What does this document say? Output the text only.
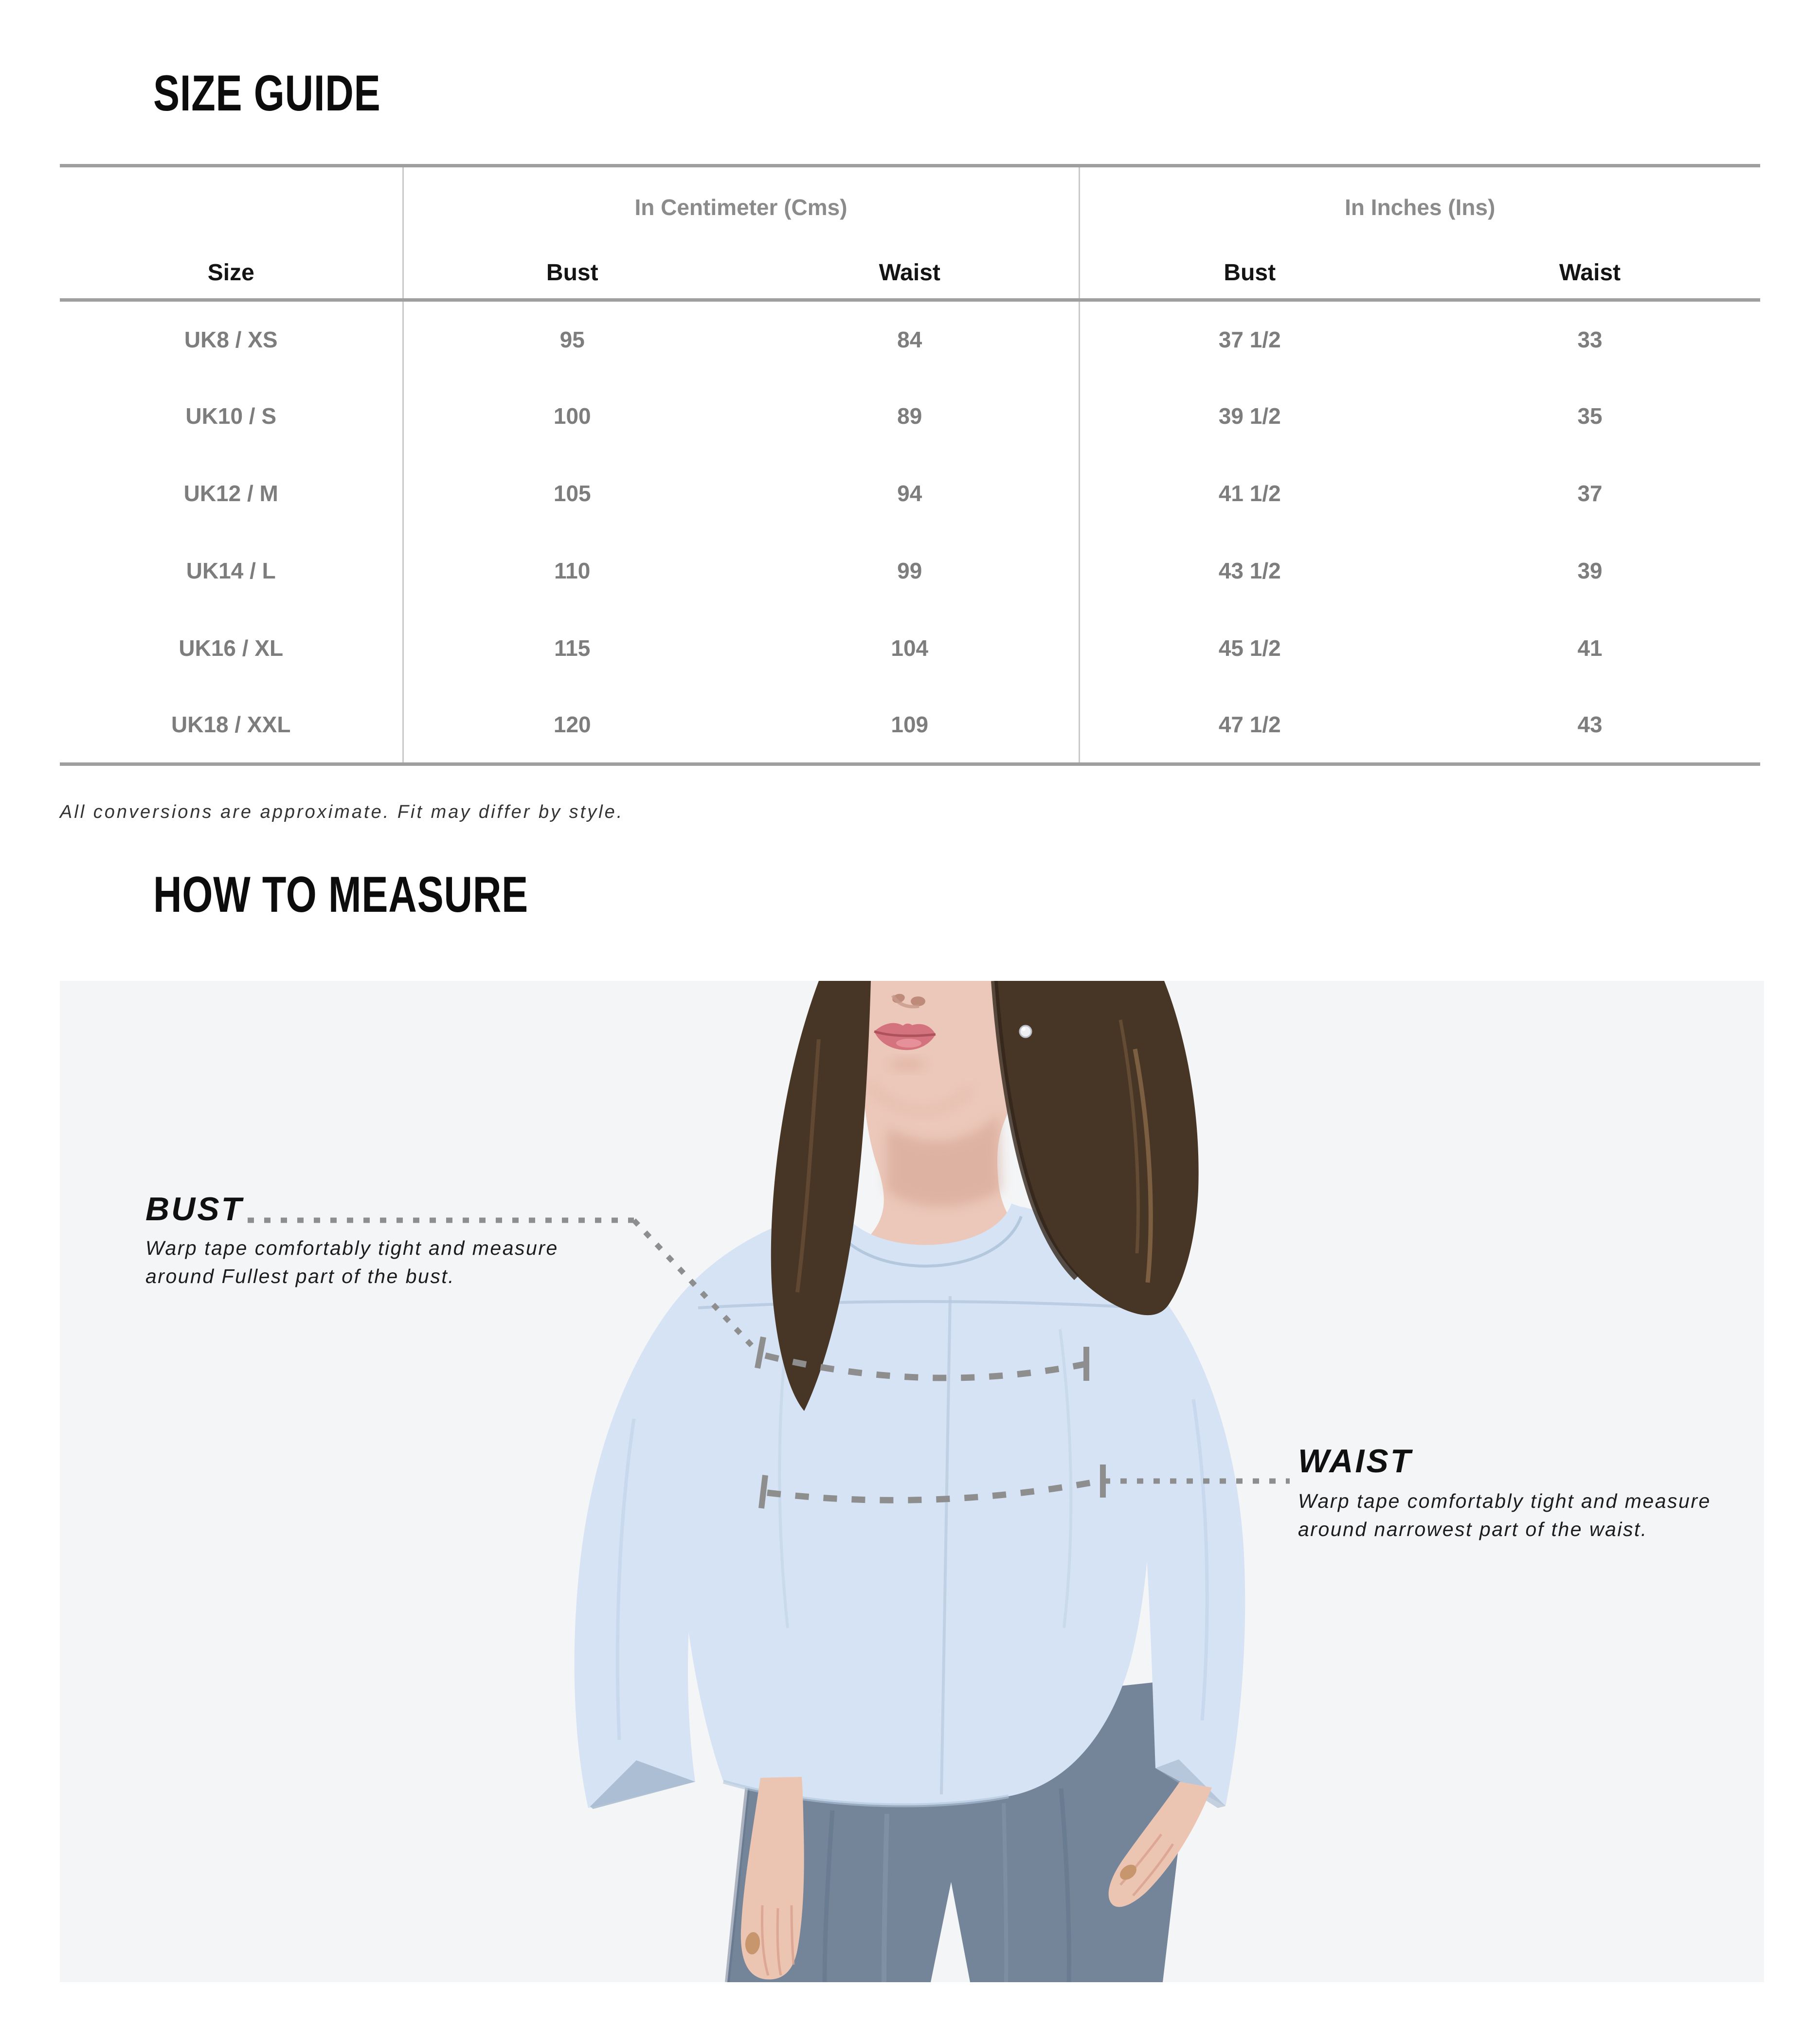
SIZE GUIDE
	In Centimeter (Cms)		In Inches (Ins)	
Size	Bust	Waist	Bust	Waist
UK8 / XS	95	84	37 1/2	33
UK10 / S	100	89	39 1/2	35
UK12 / M	105	94	41 1/2	37
UK14 / L	110	99	43 1/2	39
UK16 / XL	115	104	45 1/2	41
UK18 / XXL	120	109	47 1/2	43
All conversions are approximate. Fit may differ by style.
HOW TO MEASURE
BUST
Warp tape comfortably tight and measure
around Fullest part of the bust.
WAIST
Warp tape comfortably tight and measure
around narrowest part of the waist.
